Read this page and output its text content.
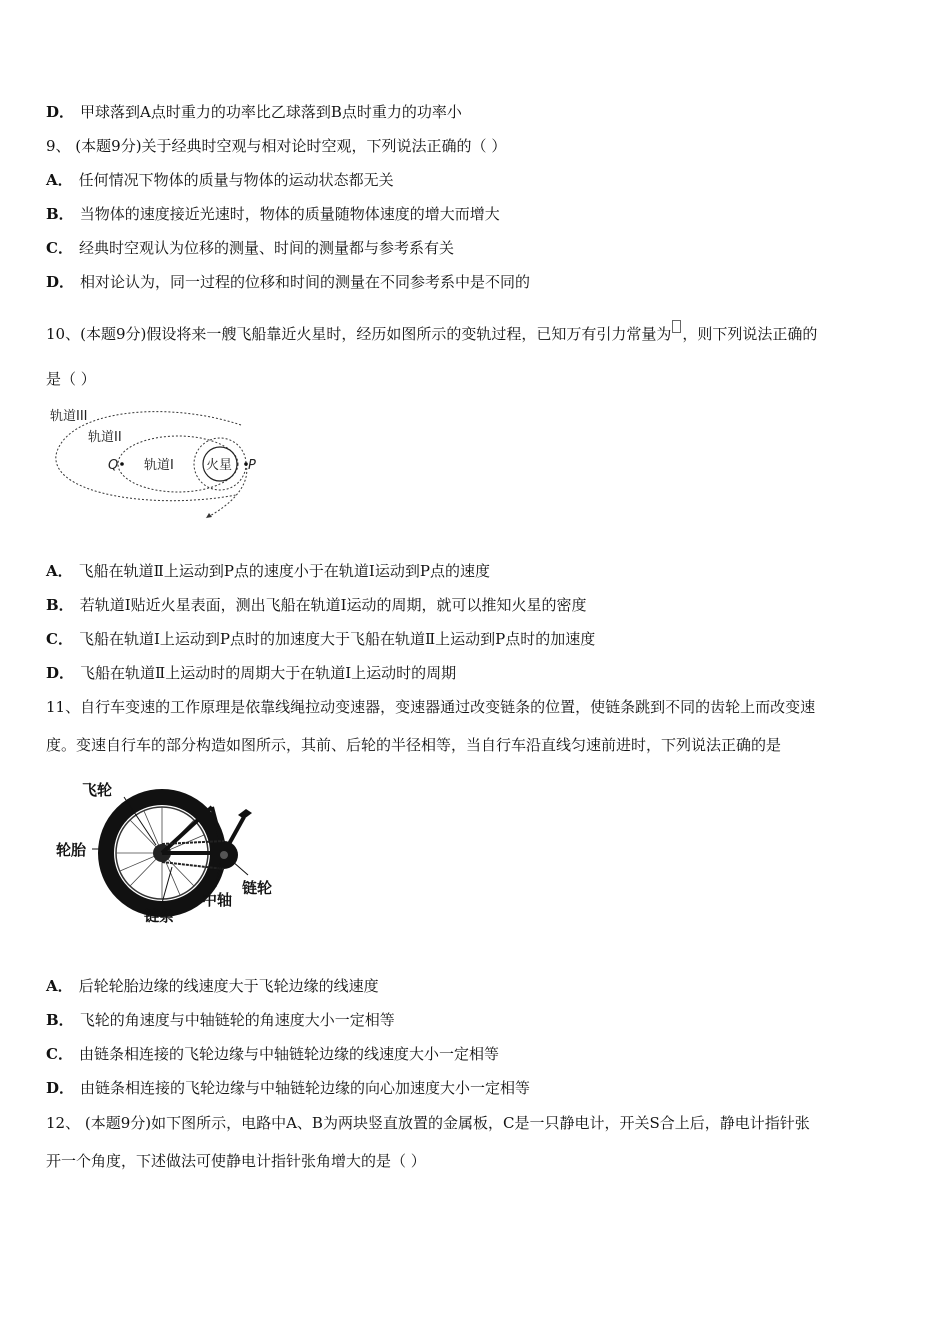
D． 甲球落到A点时重力的功率比乙球落到B点时重力的功率小
9、 (本题9分)关于经典时空观与相对论时空观，下列说法正确的（ ）
A． 任何情况下物体的质量与物体的运动状态都无关
B． 当物体的速度接近光速时，物体的质量随物体速度的增大而增大
C． 经典时空观认为位移的测量、时间的测量都与参考系有关
D． 相对论认为，同一过程的位移和时间的测量在不同参考系中是不同的
10、(本题9分)假设将来一艘飞船靠近火星时，经历如图所示的变轨过程，已知万有引力常量为 ，则下列说法正确的
是（ ）
轨道III
轨道II
轨道I 火星
Q	P
A． 飞船在轨道Ⅱ上运动到P点的速度小于在轨道Ⅰ运动到P点的速度
B． 若轨道Ⅰ贴近火星表面，测出飞船在轨道Ⅰ运动的周期，就可以推知火星的密度
C． 飞船在轨道Ⅰ上运动到P点时的加速度大于飞船在轨道Ⅱ上运动到P点时的加速度
D． 飞船在轨道Ⅱ上运动时的周期大于在轨道Ⅰ上运动时的周期
11、自行车变速的工作原理是依靠线绳拉动变速器，变速器通过改变链条的位置，使链条跳到不同的齿轮上而改变速
度。变速自行车的部分构造如图所示，其前、后轮的半径相等，当自行车沿直线匀速前进时，下列说法正确的是
飞轮
轮胎
链条
中轴
链轮
A． 后轮轮胎边缘的线速度大于飞轮边缘的线速度
B． 飞轮的角速度与中轴链轮的角速度大小一定相等
C． 由链条相连接的飞轮边缘与中轴链轮边缘的线速度大小一定相等
D． 由链条相连接的飞轮边缘与中轴链轮边缘的向心加速度大小一定相等
12、 (本题9分)如下图所示，电路中A、B为两块竖直放置的金属板，C是一只静电计，开关S合上后，静电计指针张
开一个角度，下述做法可使静电计指针张角增大的是（ ）
